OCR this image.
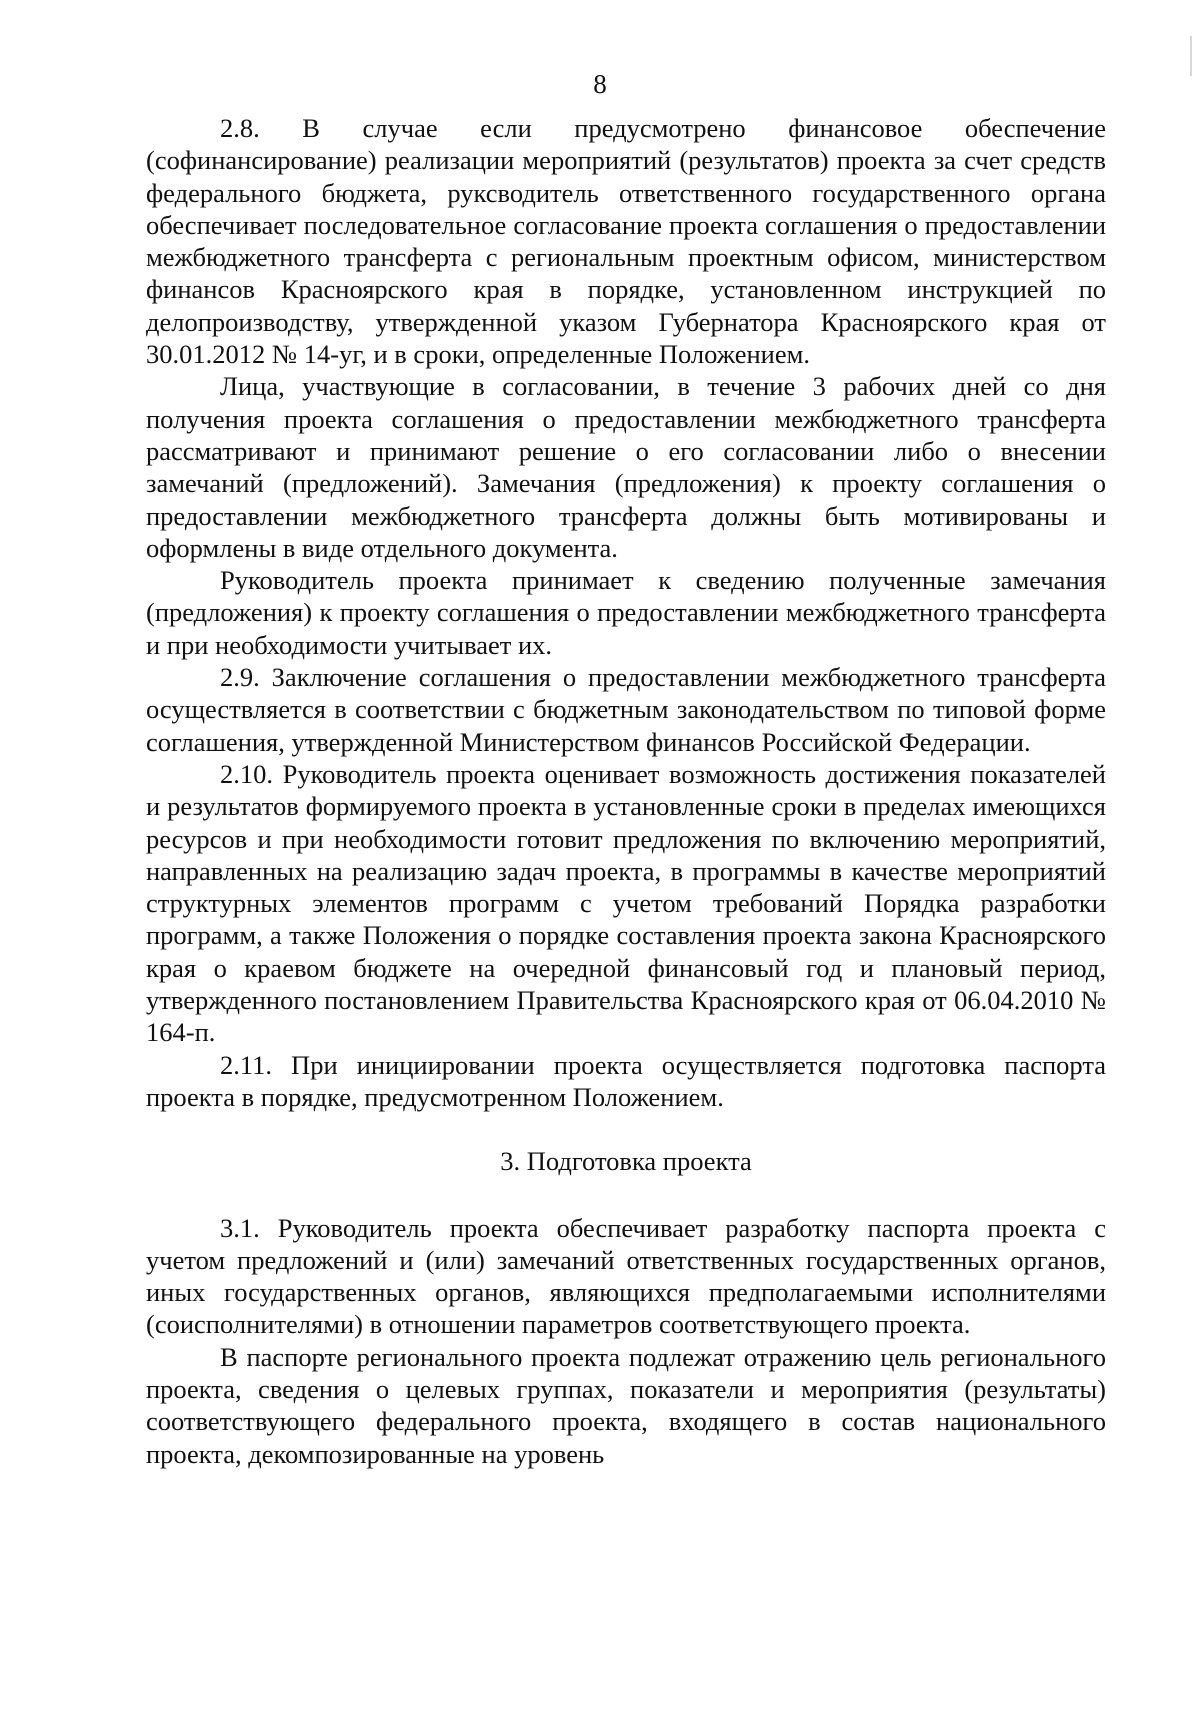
8

2.8. В случае если предусмотрено финансовое обеспечение (софинансирование) реализации мероприятий (результатов) проекта за счет средств федерального бюджета, руксводитель ответственного государственного органа обеспечивает последовательное согласование проекта соглашения о предоставлении межбюджетного трансферта с региональным проектным офисом, министерством финансов Красноярского края в порядке, установленном инструкцией по делопроизводству, утвержденной указом Губернатора Красноярского края от 30.01.2012 № 14-уг, и в сроки, определенные Положением.

Лица, участвующие в согласовании, в течение 3 рабочих дней со дня получения проекта соглашения о предоставлении межбюджетного трансферта рассматривают и принимают решение о его согласовании либо о внесении замечаний (предложений). Замечания (предложения) к проекту соглашения о предоставлении межбюджетного трансферта должны быть мотивированы и оформлены в виде отдельного документа.

Руководитель проекта принимает к сведению полученные замечания (предложения) к проекту соглашения о предоставлении межбюджетного трансферта и при необходимости учитывает их.

2.9. Заключение соглашения о предоставлении межбюджетного трансферта осуществляется в соответствии с бюджетным законодательством по типовой форме соглашения, утвержденной Министерством финансов Российской Федерации.

2.10. Руководитель проекта оценивает возможность достижения показателей и результатов формируемого проекта в установленные сроки в пределах имеющихся ресурсов и при необходимости готовит предложения по включению мероприятий, направленных на реализацию задач проекта, в программы в качестве мероприятий структурных элементов программ с учетом требований Порядка разработки программ, а также Положения о порядке составления проекта закона Красноярского края о краевом бюджете на очередной финансовый год и плановый период, утвержденного постановлением Правительства Красноярского края от 06.04.2010 № 164-п.

2.11. При инициировании проекта осуществляется подготовка паспорта проекта в порядке, предусмотренном Положением.

3. Подготовка проекта

3.1. Руководитель проекта обеспечивает разработку паспорта проекта с учетом предложений и (или) замечаний ответственных государственных органов, иных государственных органов, являющихся предполагаемыми исполнителями (соисполнителями) в отношении параметров соответствующего проекта.

В паспорте регионального проекта подлежат отражению цель регионального проекта, сведения о целевых группах, показатели и мероприятия (результаты) соответствующего федерального проекта, входящего в состав национального проекта, декомпозированные на уровень
